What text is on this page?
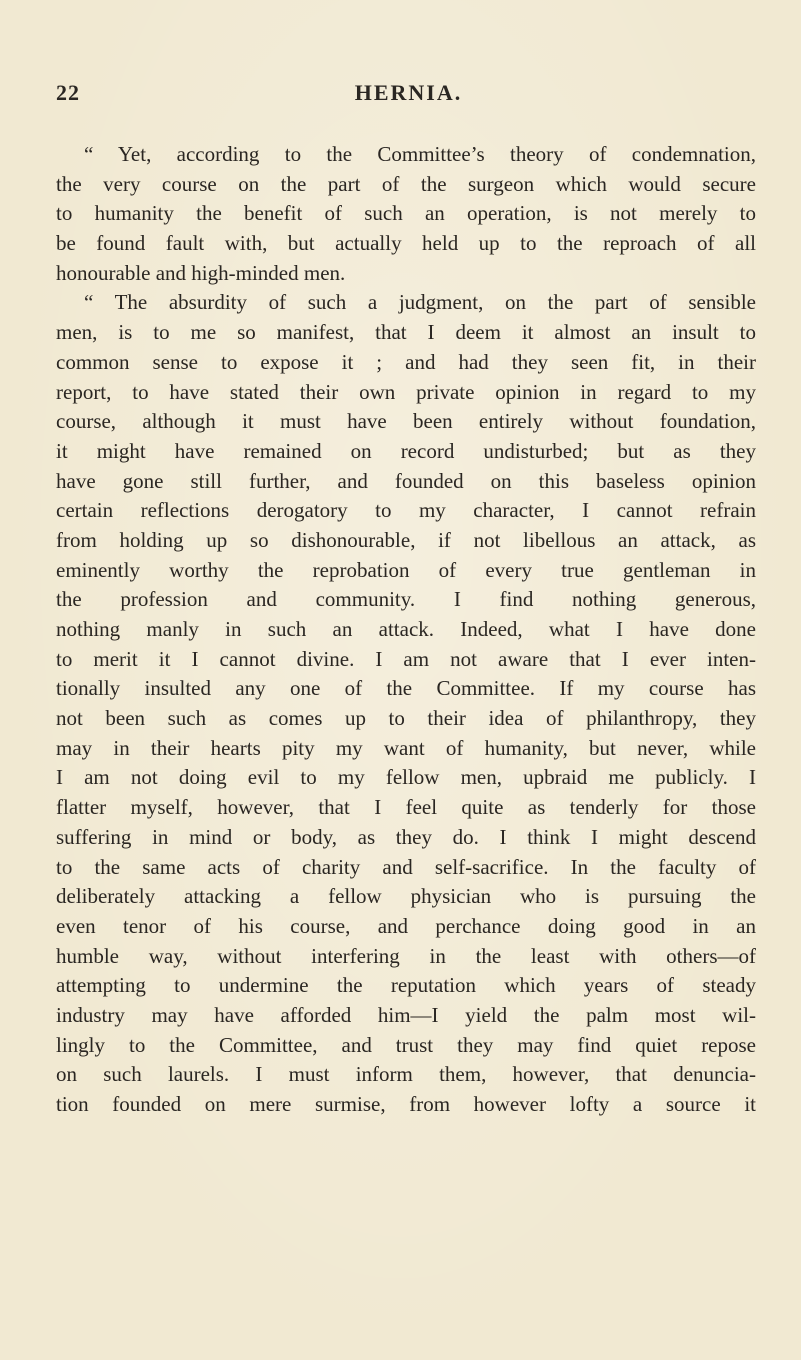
22	HERNIA.
“ Yet, according to the Committee’s theory of condemnation,
the very course on the part of the surgeon which would secure
to humanity the benefit of such an operation, is not merely to
be found fault with, but actually held up to the reproach of all
honourable and high-minded men.
“ The absurdity of such a judgment, on the part of sensible
men, is to me so manifest, that I deem it almost an insult to
common sense to expose it ; and had they seen fit, in their
report, to have stated their own private opinion in regard to my
course, although it must have been entirely without foundation,
it might have remained on record undisturbed; but as they
have gone still further, and founded on this baseless opinion
certain reflections derogatory to my character, I cannot refrain
from holding up so dishonourable, if not libellous an attack, as
eminently worthy the reprobation of every true gentleman in
the profession and community. I find nothing generous,
nothing manly in such an attack. Indeed, what I have done
to merit it I cannot divine. I am not aware that I ever inten-
tionally insulted any one of the Committee. If my course has
not been such as comes up to their idea of philanthropy, they
may in their hearts pity my want of humanity, but never, while
I am not doing evil to my fellow men, upbraid me publicly. I
flatter myself, however, that I feel quite as tenderly for those
suffering in mind or body, as they do. I think I might descend
to the same acts of charity and self-sacrifice. In the faculty of
deliberately attacking a fellow physician who is pursuing the
even tenor of his course, and perchance doing good in an
humble way, without interfering in the least with others—of
attempting to undermine the reputation which years of steady
industry may have afforded him—I yield the palm most wil-
lingly to the Committee, and trust they may find quiet repose
on such laurels. I must inform them, however, that denuncia-
tion founded on mere surmise, from however lofty a source it
